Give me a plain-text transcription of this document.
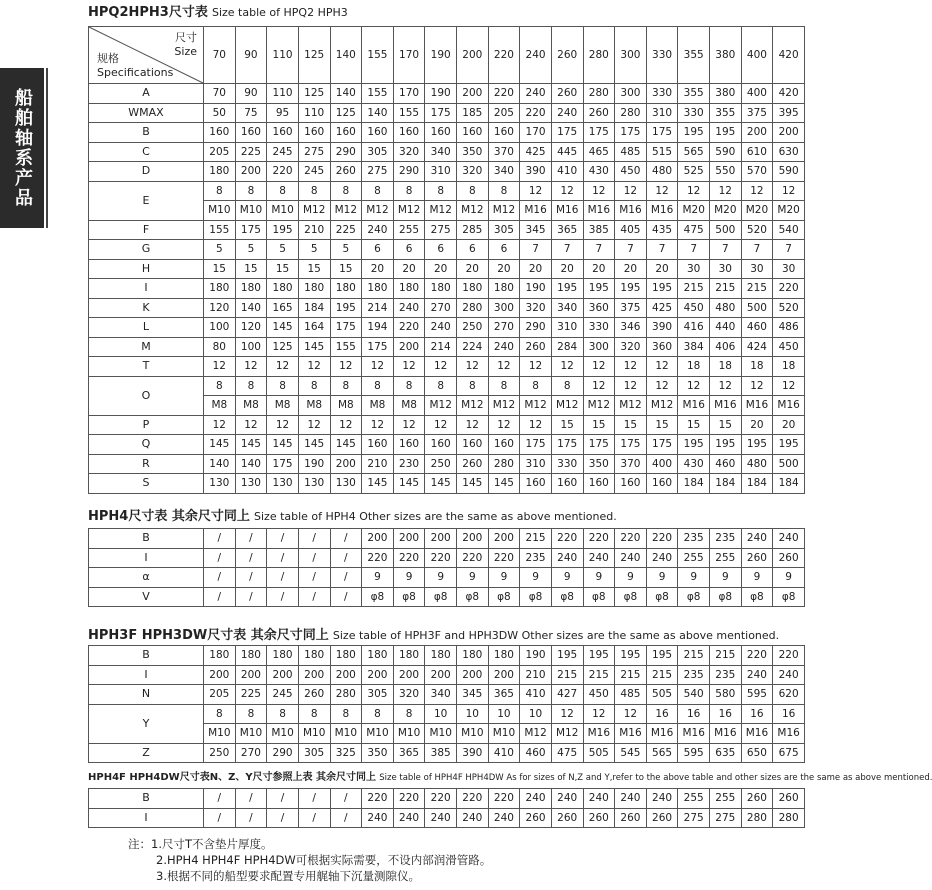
船舶轴系产品
HPQ2HPH3尺寸表 Size table of HPQ2 HPH3
尺寸
Size
规格
Specifications	70	90	110	125	140	155	170	190	200	220	240	260	280	300	330	355	380	400	420
A	70	90	110	125	140	155	170	190	200	220	240	260	280	300	330	355	380	400	420
WMAX	50	75	95	110	125	140	155	175	185	205	220	240	260	280	310	330	355	375	395
B	160	160	160	160	160	160	160	160	160	160	170	175	175	175	175	195	195	200	200
C	205	225	245	275	290	305	320	340	350	370	425	445	465	485	515	565	590	610	630
D	180	200	220	245	260	275	290	310	320	340	390	410	430	450	480	525	550	570	590
E	8	8	8	8	8	8	8	8	8	8	12	12	12	12	12	12	12	12	12
	M10	M10	M10	M12	M12	M12	M12	M12	M12	M12	M16	M16	M16	M16	M16	M20	M20	M20	M20
F	155	175	195	210	225	240	255	275	285	305	345	365	385	405	435	475	500	520	540
G	5	5	5	5	5	6	6	6	6	6	7	7	7	7	7	7	7	7	7
H	15	15	15	15	15	20	20	20	20	20	20	20	20	20	20	30	30	30	30
I	180	180	180	180	180	180	180	180	180	180	190	195	195	195	195	215	215	215	220
K	120	140	165	184	195	214	240	270	280	300	320	340	360	375	425	450	480	500	520
L	100	120	145	164	175	194	220	240	250	270	290	310	330	346	390	416	440	460	486
M	80	100	125	145	155	175	200	214	224	240	260	284	300	320	360	384	406	424	450
T	12	12	12	12	12	12	12	12	12	12	12	12	12	12	12	18	18	18	18
O	8	8	8	8	8	8	8	8	8	8	8	8	12	12	12	12	12	12	12
	M8	M8	M8	M8	M8	M8	M8	M12	M12	M12	M12	M12	M12	M12	M12	M16	M16	M16	M16
P	12	12	12	12	12	12	12	12	12	12	12	15	15	15	15	15	15	20	20
Q	145	145	145	145	145	160	160	160	160	160	175	175	175	175	175	195	195	195	195
R	140	140	175	190	200	210	230	250	260	280	310	330	350	370	400	430	460	480	500
S	130	130	130	130	130	145	145	145	145	145	160	160	160	160	160	184	184	184	184
HPH4尺寸表 其余尺寸同上 Size table of HPH4 Other sizes are the same as above mentioned.
B	/	/	/	/	/	200	200	200	200	200	215	220	220	220	220	235	235	240	240
I	/	/	/	/	/	220	220	220	220	220	235	240	240	240	240	255	255	260	260
α	/	/	/	/	/	9	9	9	9	9	9	9	9	9	9	9	9	9	9
V	/	/	/	/	/	φ8	φ8	φ8	φ8	φ8	φ8	φ8	φ8	φ8	φ8	φ8	φ8	φ8	φ8
HPH3F HPH3DW尺寸表 其余尺寸同上 Size table of HPH3F and HPH3DW Other sizes are the same as above mentioned.
B	180	180	180	180	180	180	180	180	180	180	190	195	195	195	195	215	215	220	220
I	200	200	200	200	200	200	200	200	200	200	210	215	215	215	215	235	235	240	240
N	205	225	245	260	280	305	320	340	345	365	410	427	450	485	505	540	580	595	620
Y	8	8	8	8	8	8	8	10	10	10	10	12	12	12	16	16	16	16	16
	M10	M10	M10	M10	M10	M10	M10	M10	M10	M10	M12	M12	M16	M16	M16	M16	M16	M16	M16
Z	250	270	290	305	325	350	365	385	390	410	460	475	505	545	565	595	635	650	675
HPH4F HPH4DW尺寸表N、Z、Y尺寸参照上表 其余尺寸同上 Size table of HPH4F HPH4DW As for sizes of N,Z and Y,refer to the above table and other sizes are the same as above mentioned.
B	/	/	/	/	/	220	220	220	220	220	240	240	240	240	240	255	255	260	260
I	/	/	/	/	/	240	240	240	240	240	260	260	260	260	260	275	275	280	280
注：1.尺寸T不含垫片厚度。
2.HPH4 HPH4F HPH4DW可根据实际需要，不设内部润滑管路。
3.根据不同的船型要求配置专用艉轴下沉量测隙仪。
